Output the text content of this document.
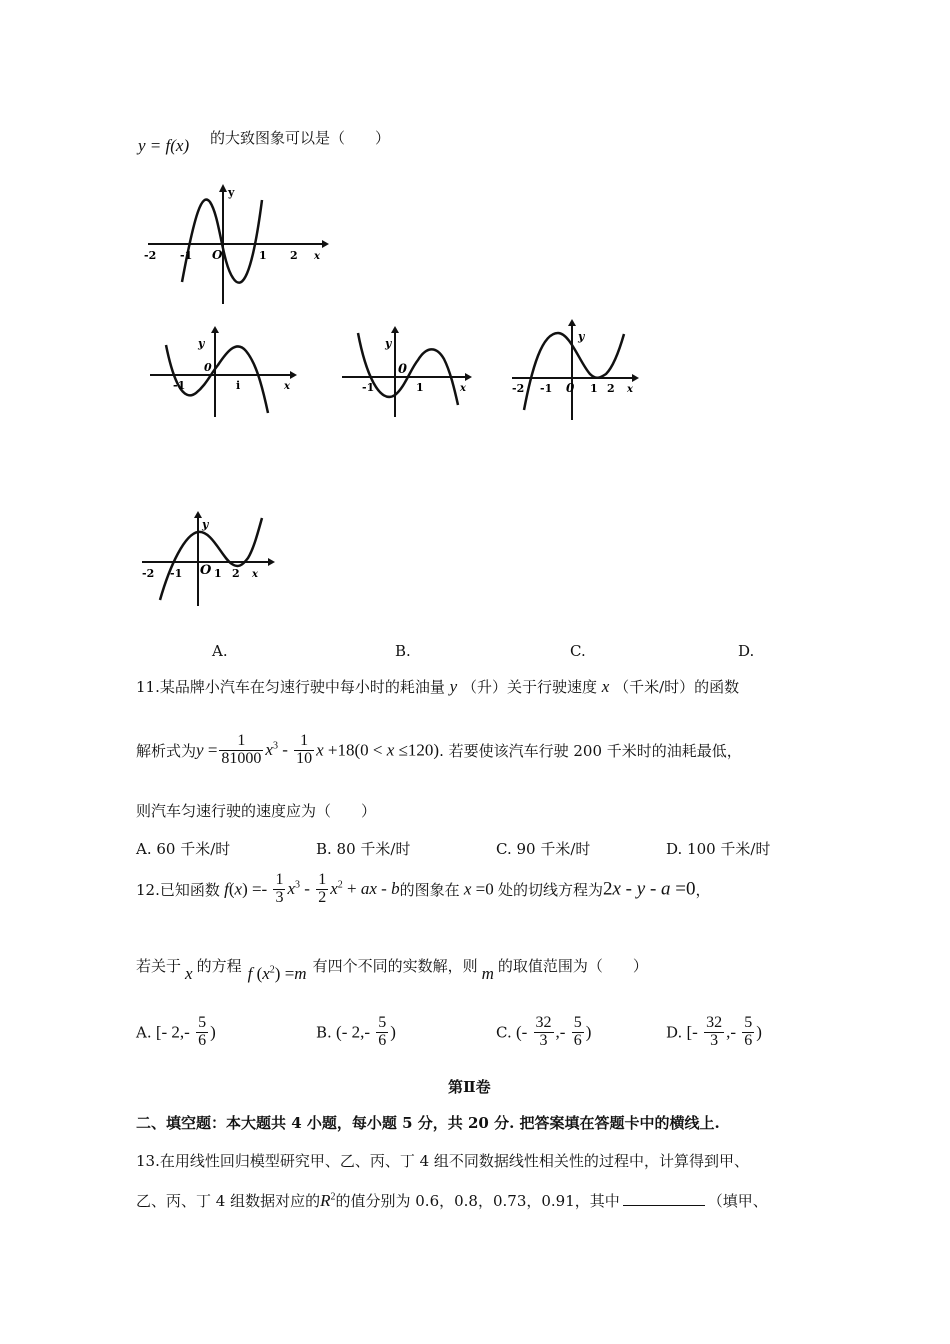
y = f(x) 的大致图象可以是（　　）
y
-2 -1 O	1 2 x
y
-1
0
i	x
y
0
-1	1	x
y
-2 -1 0 1 2 x
y
-2 -1 O 1 2 x
A.	B.	C.	D.
11.某品牌小汽车在匀速行驶中每小时的耗油量 y （升）关于行驶速度 x （千米/时）的函数
解析式为$y = \frac{1}{81000} x^3 - \frac{1}{10}$ x +18(0 < x ≤120). 若要使该汽车行驶 200 千米时的油耗最低，
则汽车匀速行驶的速度应为（　　）
A. 60 千米/时	B. 80 千米/时	C. 90 千米/时	D. 100 千米/时
12.已知函数 $f(x) =- \frac{1}{3} x^3 - \frac{1}{2} x^2$ + ax - b的图象在 x =0 处的切线方程为2x - y - a =0，
若关于 x 的方程 f $(x^2) =m$ 有四个不同的实数解，则 m 的取值范围为（　　）
A. [- $2,- \frac{5}{6}$ )	B. (- $2,- \frac{5}{6}$ )	C. (- $\frac{32}{3}$ ,- $\frac{5}{6}$ )	D. [- $\frac{32}{3}$ ,- $\frac{5}{6}$ )
第Ⅱ卷
二、填空题：本大题共 4 小题，每小题 5 分，共 20 分. 把答案填在答题卡中的横线上.
13.在用线性回归模型研究甲、乙、丙、丁 4 组不同数据线性相关性的过程中，计算得到甲、
乙、丙、丁 4 组数据对应的$R^2$的值分别为 0.6，0.8，0.73，0.91，其中	（填甲、
